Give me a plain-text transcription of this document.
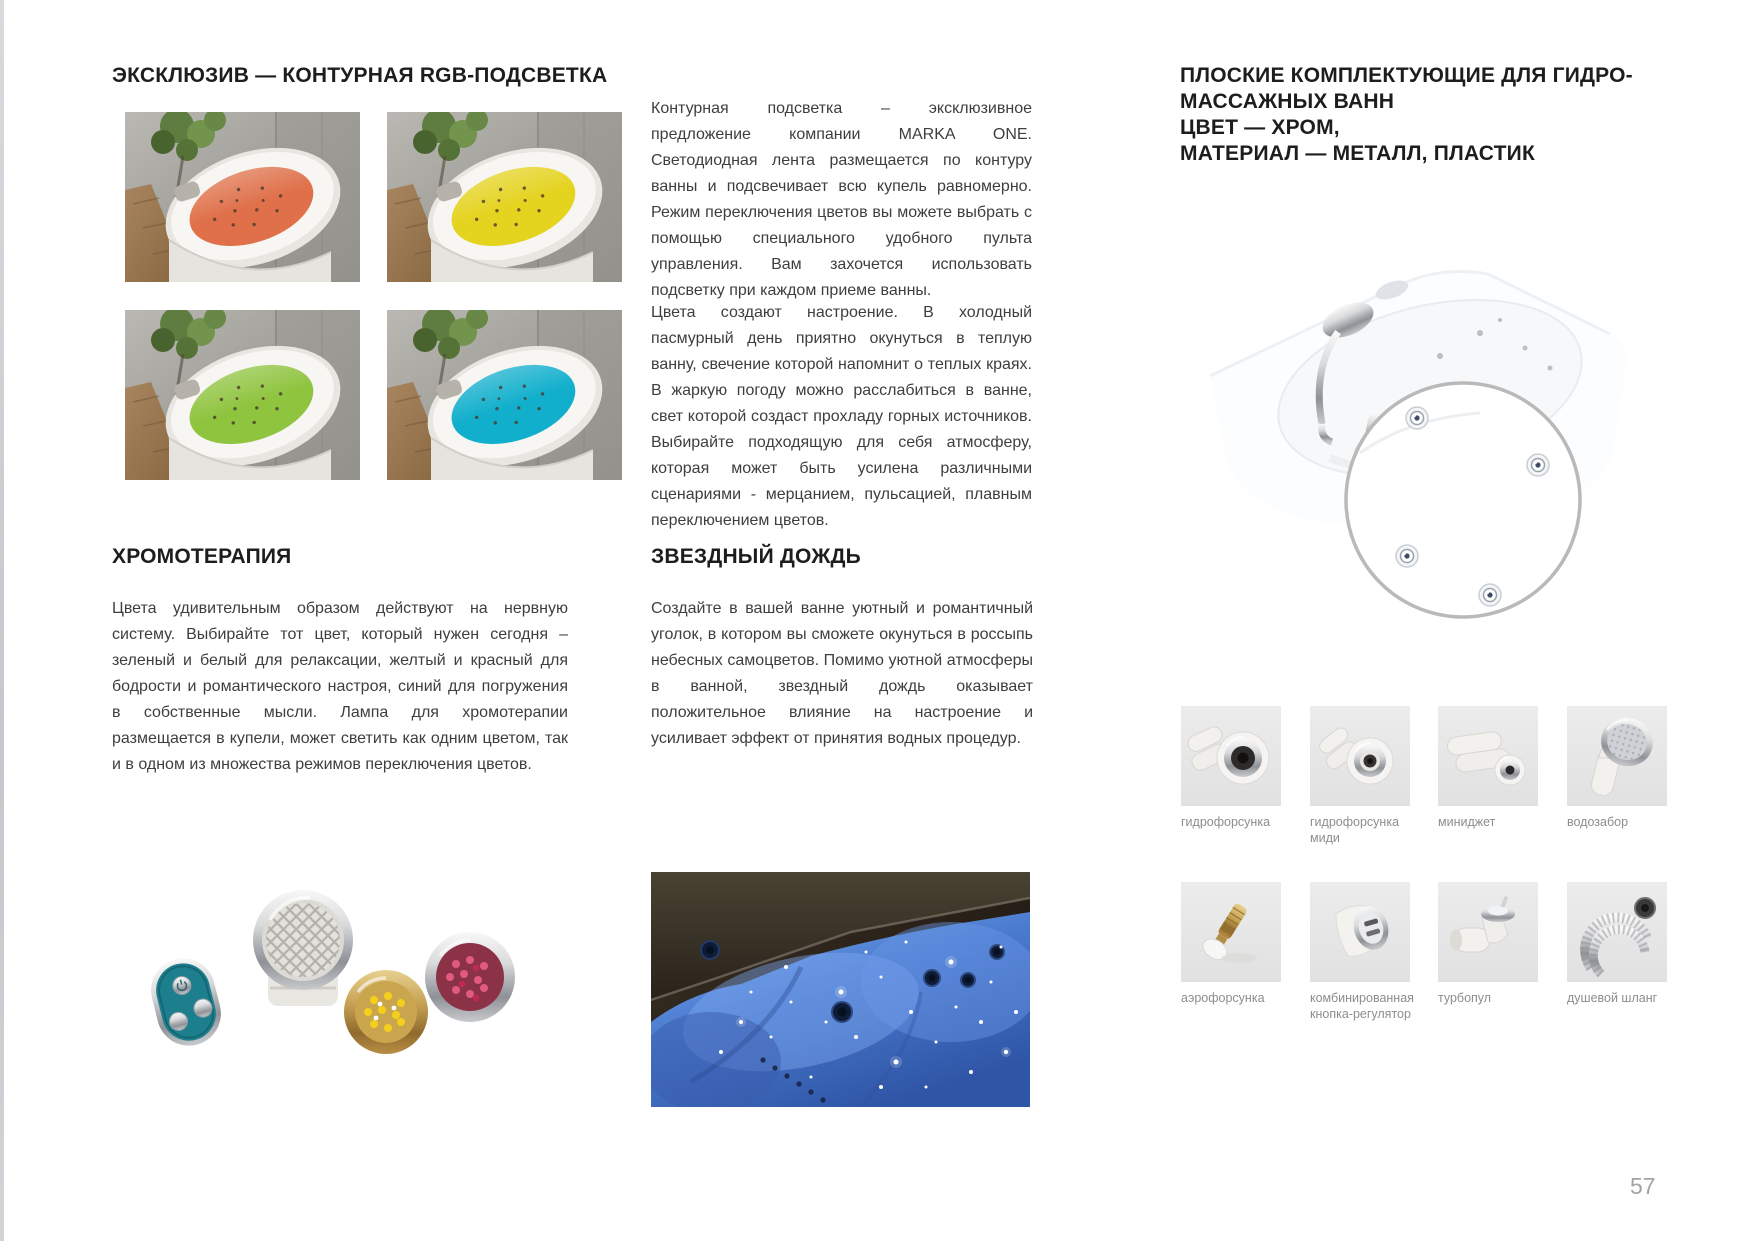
ЭКСКЛЮЗИВ — КОНТУРНАЯ RGB-ПОДСВЕТКА
ХРОМОТЕРАПИЯ

Цвета удивительным образом действуют на нервную систему. Выбирайте тот цвет, который нужен сегодня – зеленый и белый для релаксации, желтый и красный для бодрости и романтического настроя, синий для погружения в собственные мысли. Лампа для хромотерапии размещается в купели, может светить как одним цветом, так и в одном из множества режимов переключения цветов.

Контурная подсветка – эксклюзивное предложение компании MARKA ONE. Светодиодная лента размещается по контуру ванны и подсвечивает всю купель равномерно. Режим переключения цветов вы можете выбрать с помощью специального удобного пульта управления. Вам захочется использовать подсветку при каждом приеме ванны.

Цвета создают настроение. В холодный пасмурный день приятно окунуться в теплую ванну, свечение которой напомнит о теплых краях. В жаркую погоду можно расслабиться в ванне, свет которой создаст прохладу горных источников. Выбирайте подходящую для себя атмосферу, которая может быть усилена различными сценариями - мерцанием, пульсацией, плавным переключением цветов.

ЗВЕЗДНЫЙ ДОЖДЬ

Создайте в вашей ванне уютный и романтичный уголок, в котором вы сможете окунуться в россыпь небесных самоцветов. Помимо уютной атмосферы в ванной, звездный дождь оказывает положительное влияние на настроение и усиливает эффект от принятия водных процедур.

ПЛОСКИЕ КОМПЛЕКТУЮЩИЕ ДЛЯ ГИДРО-
МАССАЖНЫХ ВАНН
ЦВЕТ — ХРОМ,
МАТЕРИАЛ — МЕТАЛЛ, ПЛАСТИК
гидрофорсунка	гидрофорсунка миди
миниджет	водозабор
аэрофорсунка	комбинированная кнопка-регулятор
турбопул	душевой шланг
57
